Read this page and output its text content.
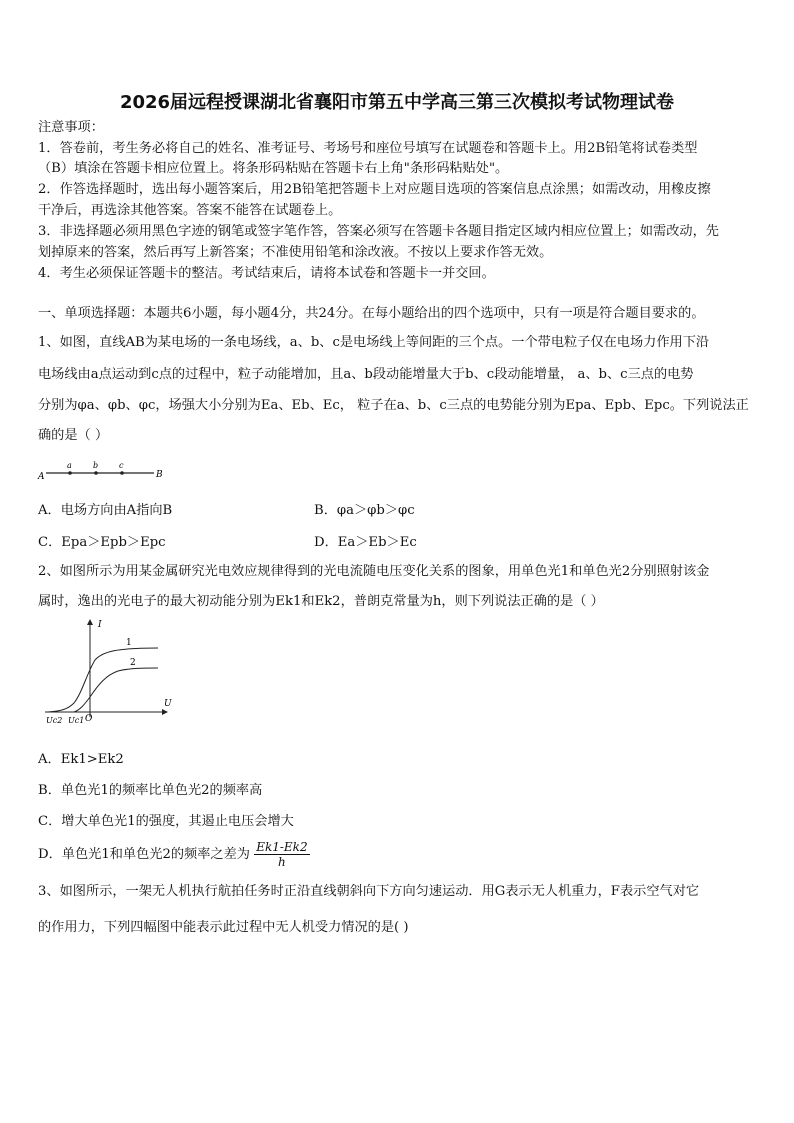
2026届远程授课湖北省襄阳市第五中学高三第三次模拟考试物理试卷
注意事项：
1．答卷前，考生务必将自己的姓名、准考证号、考场号和座位号填写在试题卷和答题卡上。用2B铅笔将试卷类型
（B）填涂在答题卡相应位置上。将条形码粘贴在答题卡右上角"条形码粘贴处"。
2．作答选择题时，选出每小题答案后，用2B铅笔把答题卡上对应题目选项的答案信息点涂黑；如需改动，用橡皮擦
干净后，再选涂其他答案。答案不能答在试题卷上。
3．非选择题必须用黑色字迹的钢笔或签字笔作答，答案必须写在答题卡各题目指定区域内相应位置上；如需改动，先
划掉原来的答案，然后再写上新答案；不准使用铅笔和涂改液。不按以上要求作答无效。
4．考生必须保证答题卡的整洁。考试结束后，请将本试卷和答题卡一并交回。
一、单项选择题：本题共6小题，每小题4分，共24分。在每小题给出的四个选项中，只有一项是符合题目要求的。
1、如图，直线AB为某电场的一条电场线，a、b、c是电场线上等间距的三个点。一个带电粒子仅在电场力作用下沿
电场线由a点运动到c点的过程中，粒子动能增加，且a、b段动能增量大于b、c段动能增量， a、b、c三点的电势
分别为φa、φb、φc，场强大小分别为Ea、Eb、Ec， 粒子在a、b、c三点的电势能分别为Epa、Epb、Epc。下列说法正
确的是（ ）
A
a	b	c
B
A．电场方向由A指向B	B．φa＞φb＞φc
C．Epa＞Epb＞Epc	D．Ea＞Eb＞Ec
2、如图所示为用某金属研究光电效应规律得到的光电流随电压变化关系的图象，用单色光1和单色光2分别照射该金
属时，逸出的光电子的最大初动能分别为Ek1和Ek2，普朗克常量为h，则下列说法正确的是（ ）
I
U
1
2
Uc2 Uc1 O
A．Ek1>Ek2
B．单色光1的频率比单色光2的频率高
C．增大单色光1的强度，其遏止电压会增大
D．单色光1和单色光2的频率之差为 $\frac{Ek1-Ek2}{h}$
3、如图所示，一架无人机执行航拍任务时正沿直线朝斜向下方向匀速运动．用G表示无人机重力，F表示空气对它
的作用力，下列四幅图中能表示此过程中无人机受力情况的是( )
